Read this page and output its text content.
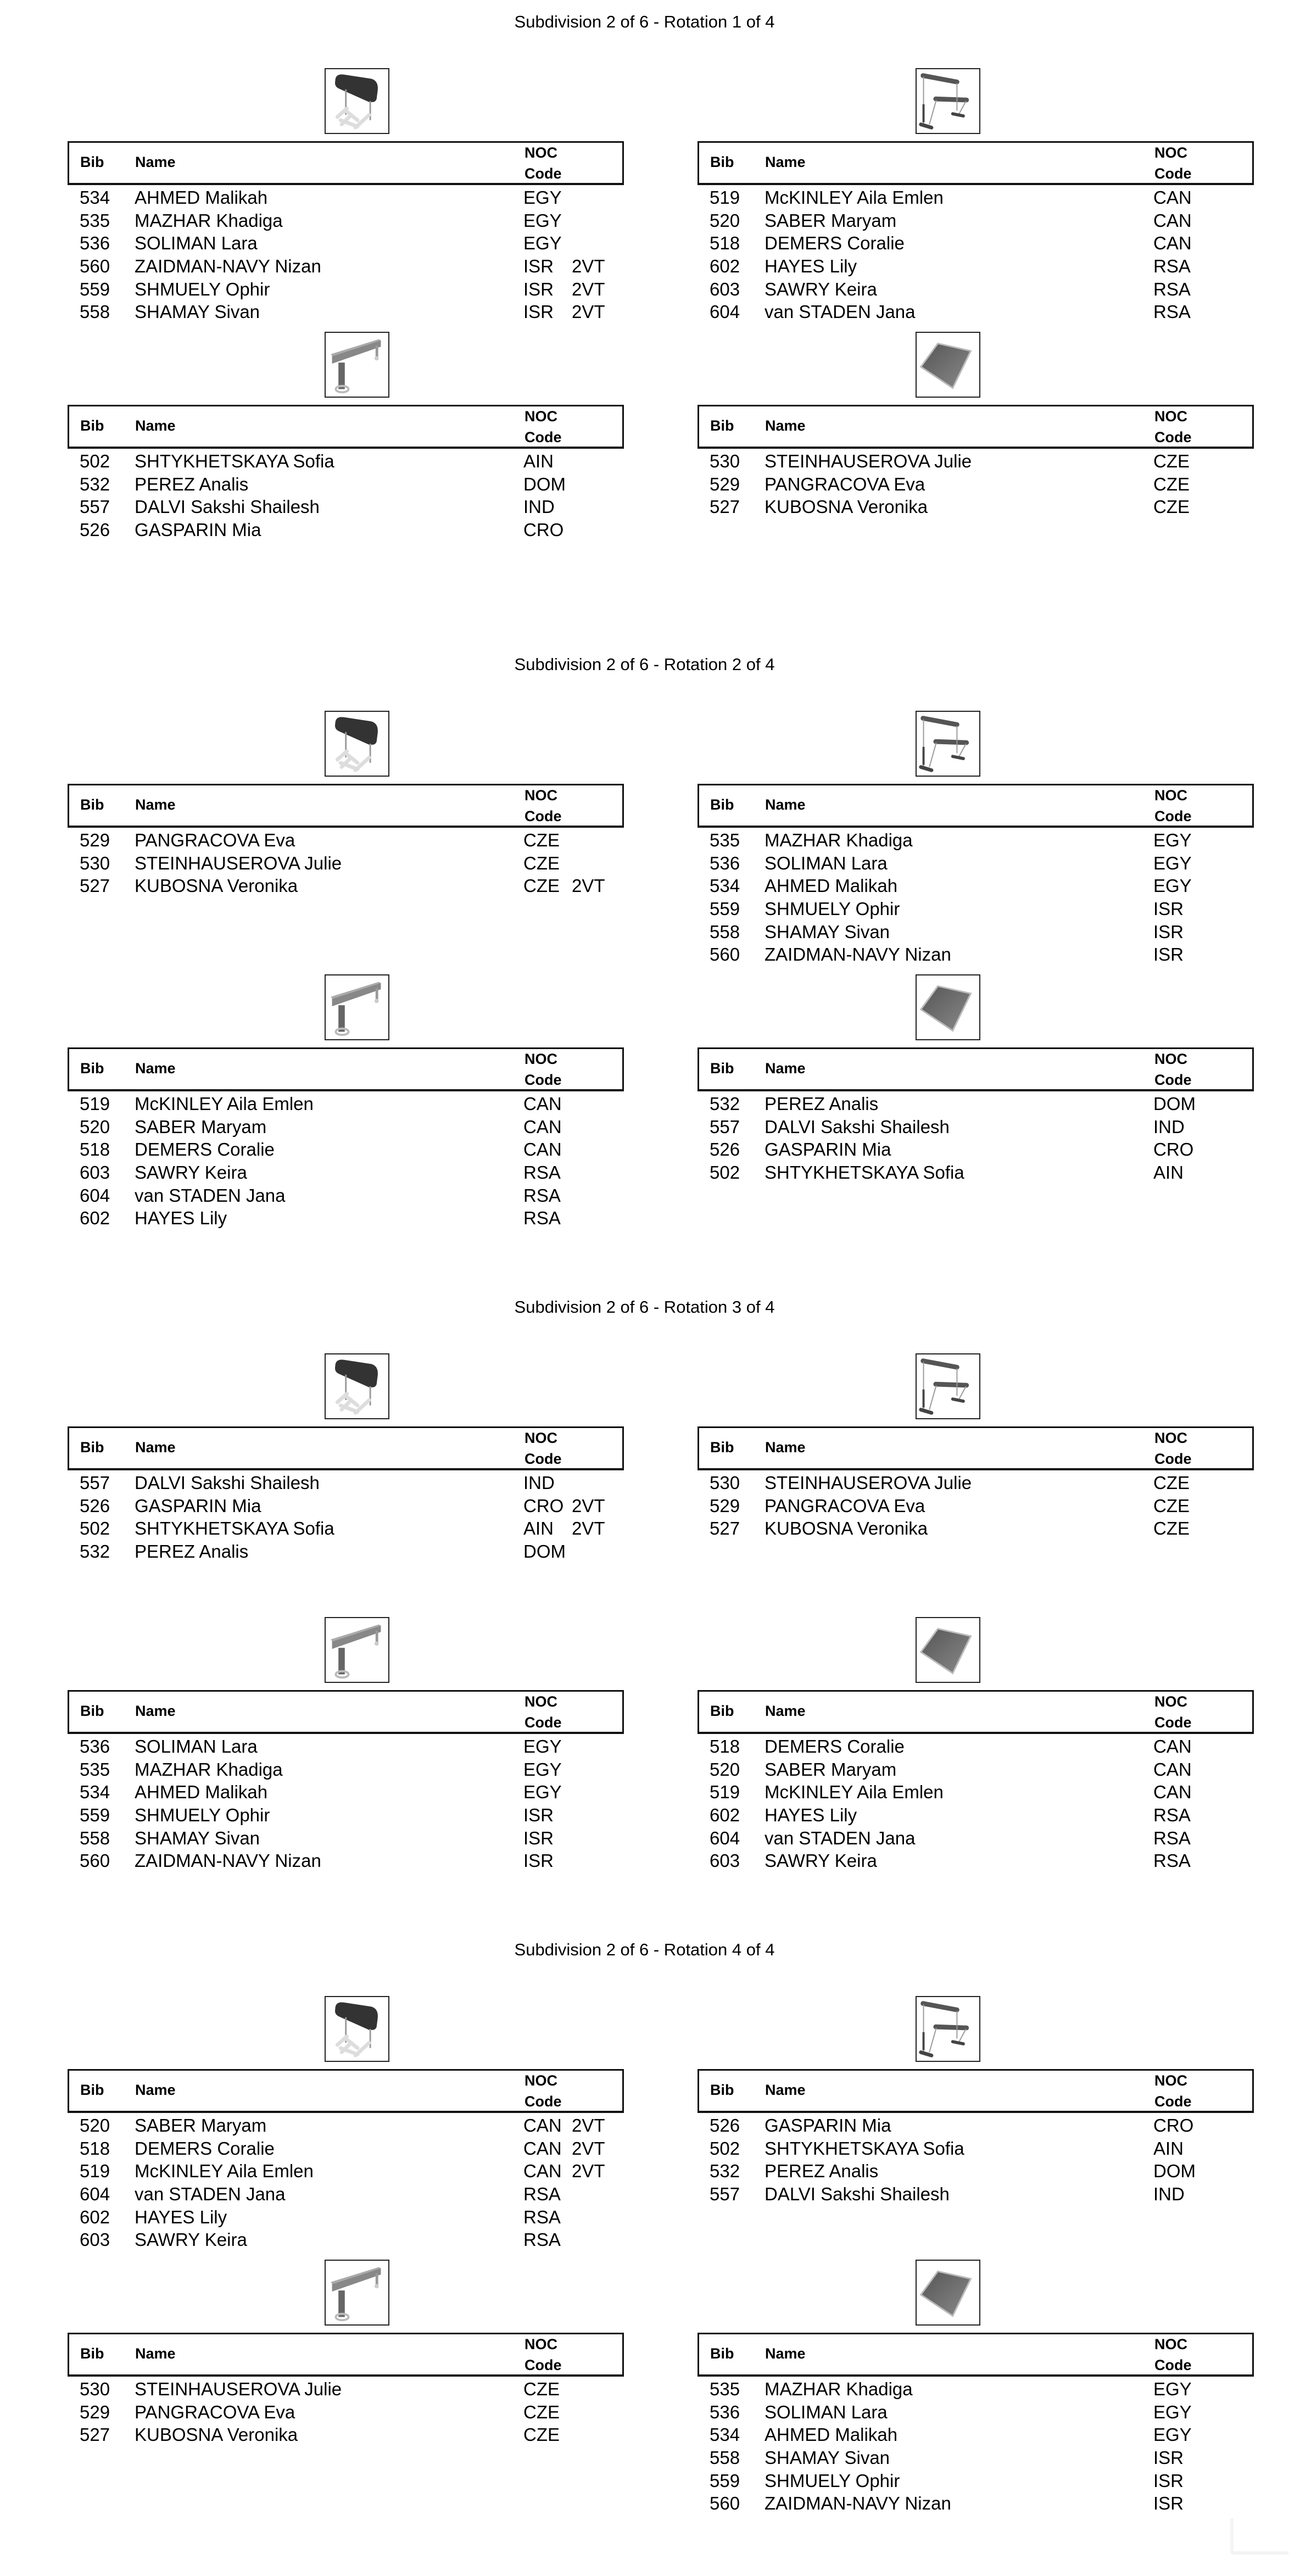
Subdivision 2 of 6 - Rotation 1 of 4
Bib Name
NOC
Code
534 AHMED Malikah	EGY
535 MAZHAR Khadiga	EGY
536 SOLIMAN Lara	EGY
560 ZAIDMAN-NAVY Nizan	ISR 2VT
559 SHMUELY Ophir	ISR 2VT
558 SHAMAY Sivan	ISR 2VT
Bib Name
NOC
Code
519 McKINLEY Aila Emlen	CAN
520 SABER Maryam	CAN
518 DEMERS Coralie	CAN
602 HAYES Lily	RSA
603 SAWRY Keira	RSA
604 van STADEN Jana	RSA
Bib Name
NOC
Code
502 SHTYKHETSKAYA Sofia	AIN
532 PEREZ Analis	DOM
557 DALVI Sakshi Shailesh	IND
526 GASPARIN Mia	CRO
Bib Name
NOC
Code
530 STEINHAUSEROVA Julie	CZE
529 PANGRACOVA Eva	CZE
527 KUBOSNA Veronika	CZE
Subdivision 2 of 6 - Rotation 2 of 4
Bib Name
NOC
Code
529 PANGRACOVA Eva	CZE
530 STEINHAUSEROVA Julie	CZE
527 KUBOSNA Veronika	CZE 2VT
Bib Name
NOC
Code
535 MAZHAR Khadiga	EGY
536 SOLIMAN Lara	EGY
534 AHMED Malikah	EGY
559 SHMUELY Ophir	ISR
558 SHAMAY Sivan	ISR
560 ZAIDMAN-NAVY Nizan	ISR
Bib Name
NOC
Code
519 McKINLEY Aila Emlen	CAN
520 SABER Maryam	CAN
518 DEMERS Coralie	CAN
603 SAWRY Keira	RSA
604 van STADEN Jana	RSA
602 HAYES Lily	RSA
Bib Name
NOC
Code
532 PEREZ Analis	DOM
557 DALVI Sakshi Shailesh	IND
526 GASPARIN Mia	CRO
502 SHTYKHETSKAYA Sofia	AIN
Subdivision 2 of 6 - Rotation 3 of 4
Bib Name
NOC
Code
557 DALVI Sakshi Shailesh	IND
526 GASPARIN Mia	CRO 2VT
502 SHTYKHETSKAYA Sofia	AIN 2VT
532 PEREZ Analis	DOM
Bib Name
NOC
Code
530 STEINHAUSEROVA Julie	CZE
529 PANGRACOVA Eva	CZE
527 KUBOSNA Veronika	CZE
Bib Name
NOC
Code
536 SOLIMAN Lara	EGY
535 MAZHAR Khadiga	EGY
534 AHMED Malikah	EGY
559 SHMUELY Ophir	ISR
558 SHAMAY Sivan	ISR
560 ZAIDMAN-NAVY Nizan	ISR
Bib Name
NOC
Code
518 DEMERS Coralie	CAN
520 SABER Maryam	CAN
519 McKINLEY Aila Emlen	CAN
602 HAYES Lily	RSA
604 van STADEN Jana	RSA
603 SAWRY Keira	RSA
Subdivision 2 of 6 - Rotation 4 of 4
Bib Name
NOC
Code
520 SABER Maryam	CAN 2VT
518 DEMERS Coralie	CAN 2VT
519 McKINLEY Aila Emlen	CAN 2VT
604 van STADEN Jana	RSA
602 HAYES Lily	RSA
603 SAWRY Keira	RSA
Bib Name
NOC
Code
526 GASPARIN Mia	CRO
502 SHTYKHETSKAYA Sofia	AIN
532 PEREZ Analis	DOM
557 DALVI Sakshi Shailesh	IND
Bib Name
NOC
Code
530 STEINHAUSEROVA Julie	CZE
529 PANGRACOVA Eva	CZE
527 KUBOSNA Veronika	CZE
Bib Name
NOC
Code
535 MAZHAR Khadiga	EGY
536 SOLIMAN Lara	EGY
534 AHMED Malikah	EGY
558 SHAMAY Sivan	ISR
559 SHMUELY Ophir	ISR
560 ZAIDMAN-NAVY Nizan	ISR
